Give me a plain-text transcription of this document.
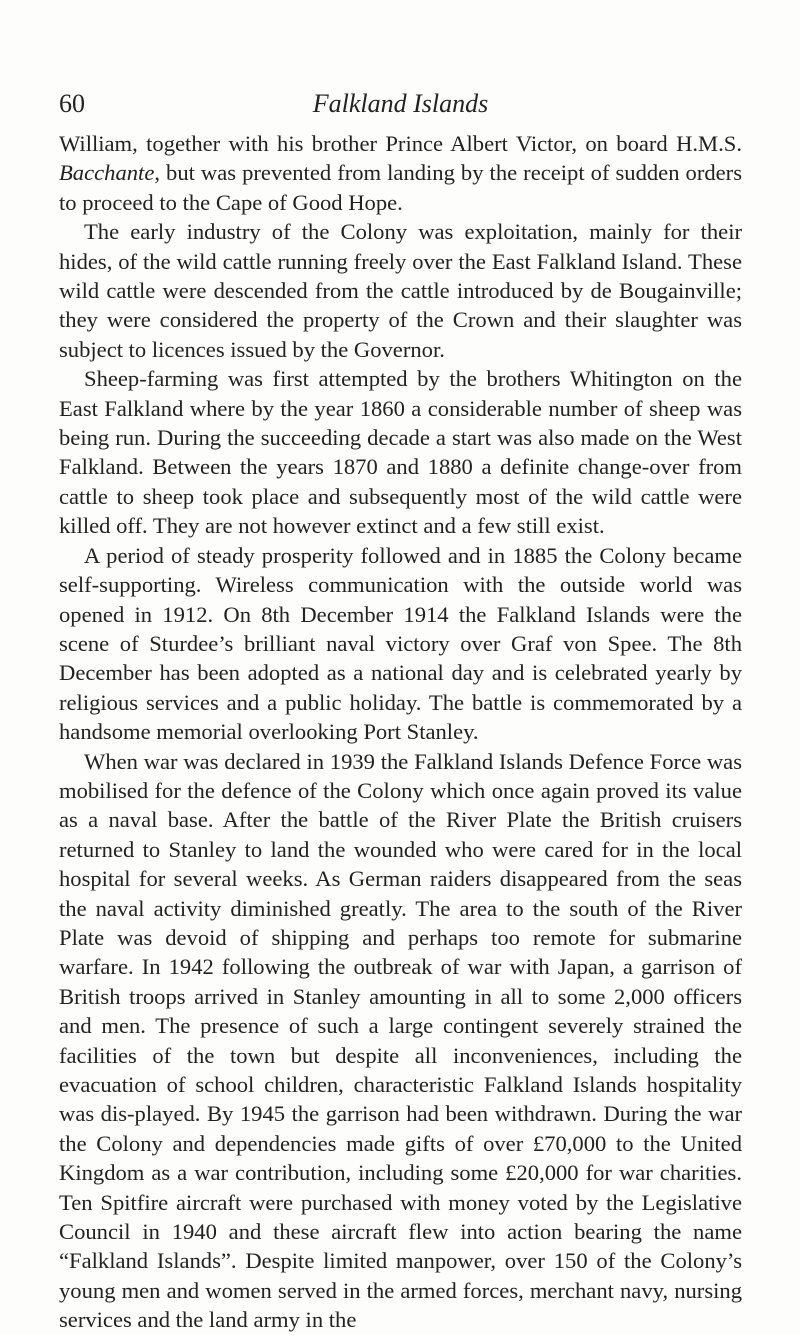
60	Falkland Islands

William, together with his brother Prince Albert Victor, on board H.M.S. Bacchante, but was prevented from landing by the receipt of sudden orders to proceed to the Cape of Good Hope.

The early industry of the Colony was exploitation, mainly for their hides, of the wild cattle running freely over the East Falkland Island. These wild cattle were descended from the cattle introduced by de Bougainville; they were considered the property of the Crown and their slaughter was subject to licences issued by the Governor.

Sheep-farming was first attempted by the brothers Whitington on the East Falkland where by the year 1860 a considerable number of sheep was being run. During the succeeding decade a start was also made on the West Falkland. Between the years 1870 and 1880 a definite change-over from cattle to sheep took place and subsequently most of the wild cattle were killed off. They are not however extinct and a few still exist.

A period of steady prosperity followed and in 1885 the Colony became self-supporting. Wireless communication with the outside world was opened in 1912. On 8th December 1914 the Falkland Islands were the scene of Sturdee’s brilliant naval victory over Graf von Spee. The 8th December has been adopted as a national day and is celebrated yearly by religious services and a public holiday. The battle is commemorated by a handsome memorial overlooking Port Stanley.

When war was declared in 1939 the Falkland Islands Defence Force was mobilised for the defence of the Colony which once again proved its value as a naval base. After the battle of the River Plate the British cruisers returned to Stanley to land the wounded who were cared for in the local hospital for several weeks. As German raiders disappeared from the seas the naval activity diminished greatly. The area to the south of the River Plate was devoid of shipping and perhaps too remote for submarine warfare. In 1942 following the outbreak of war with Japan, a garrison of British troops arrived in Stanley amounting in all to some 2,000 officers and men. The presence of such a large contingent severely strained the facilities of the town but despite all inconveniences, including the evacuation of school children, characteristic Falkland Islands hospitality was dis-played. By 1945 the garrison had been withdrawn. During the war the Colony and dependencies made gifts of over £70,000 to the United Kingdom as a war contribution, including some £20,000 for war charities. Ten Spitfire aircraft were purchased with money voted by the Legislative Council in 1940 and these aircraft flew into action bearing the name “Falkland Islands”. Despite limited manpower, over 150 of the Colony’s young men and women served in the armed forces, merchant navy, nursing services and the land army in the
